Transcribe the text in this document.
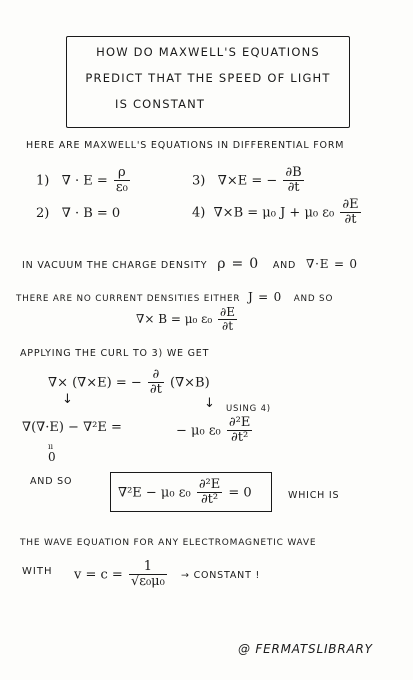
HOW DO MAXWELL'S EQUATIONS
PREDICT THAT THE SPEED OF LIGHT
IS CONSTANT
HERE ARE MAXWELL'S EQUATIONS IN DIFFERENTIAL FORM
1) ∇ · $E = \frac{\rho}{\text{ε₀}}$	3) ∇×E = − $\frac{\partial B}{\partial t}$
2) ∇ · B = 0	4) ∇×B = μ₀ J + μ₀ $\varepsilon_0 \frac{\partial E}{\partial t}$
IN VACUUM THE CHARGE DENSITY ρ = 0 AND ∇·E = 0
THERE ARE NO CURRENT DENSITIES EITHER J = 0 AND SO
∇× B = μ₀ $\varepsilon_0 \frac{\partial E}{\partial t}$
APPLYING THE CURL TO 3) WE GET
∇× (∇×E) = − $\frac{\partial}{\partial t} (\nabla\times B)$
↓	↓ USING 4)
∇(∇·E) − ∇²E =	− μ₀ $\varepsilon_0 \frac{\text{∂²E}}{\text{∂t²}}$
ıı
0
AND SO
∇²E − μ₀ $\varepsilon_0 \frac{\text{∂²E}}{\text{∂t²}} = 0$	WHICH IS
THE WAVE EQUATION FOR ANY ELECTROMAGNETIC WAVE
WITH $v = c = \frac{1}{\text{√ε₀μ₀}}$ → CONSTANT !
@ FERMATSLIBRARY
